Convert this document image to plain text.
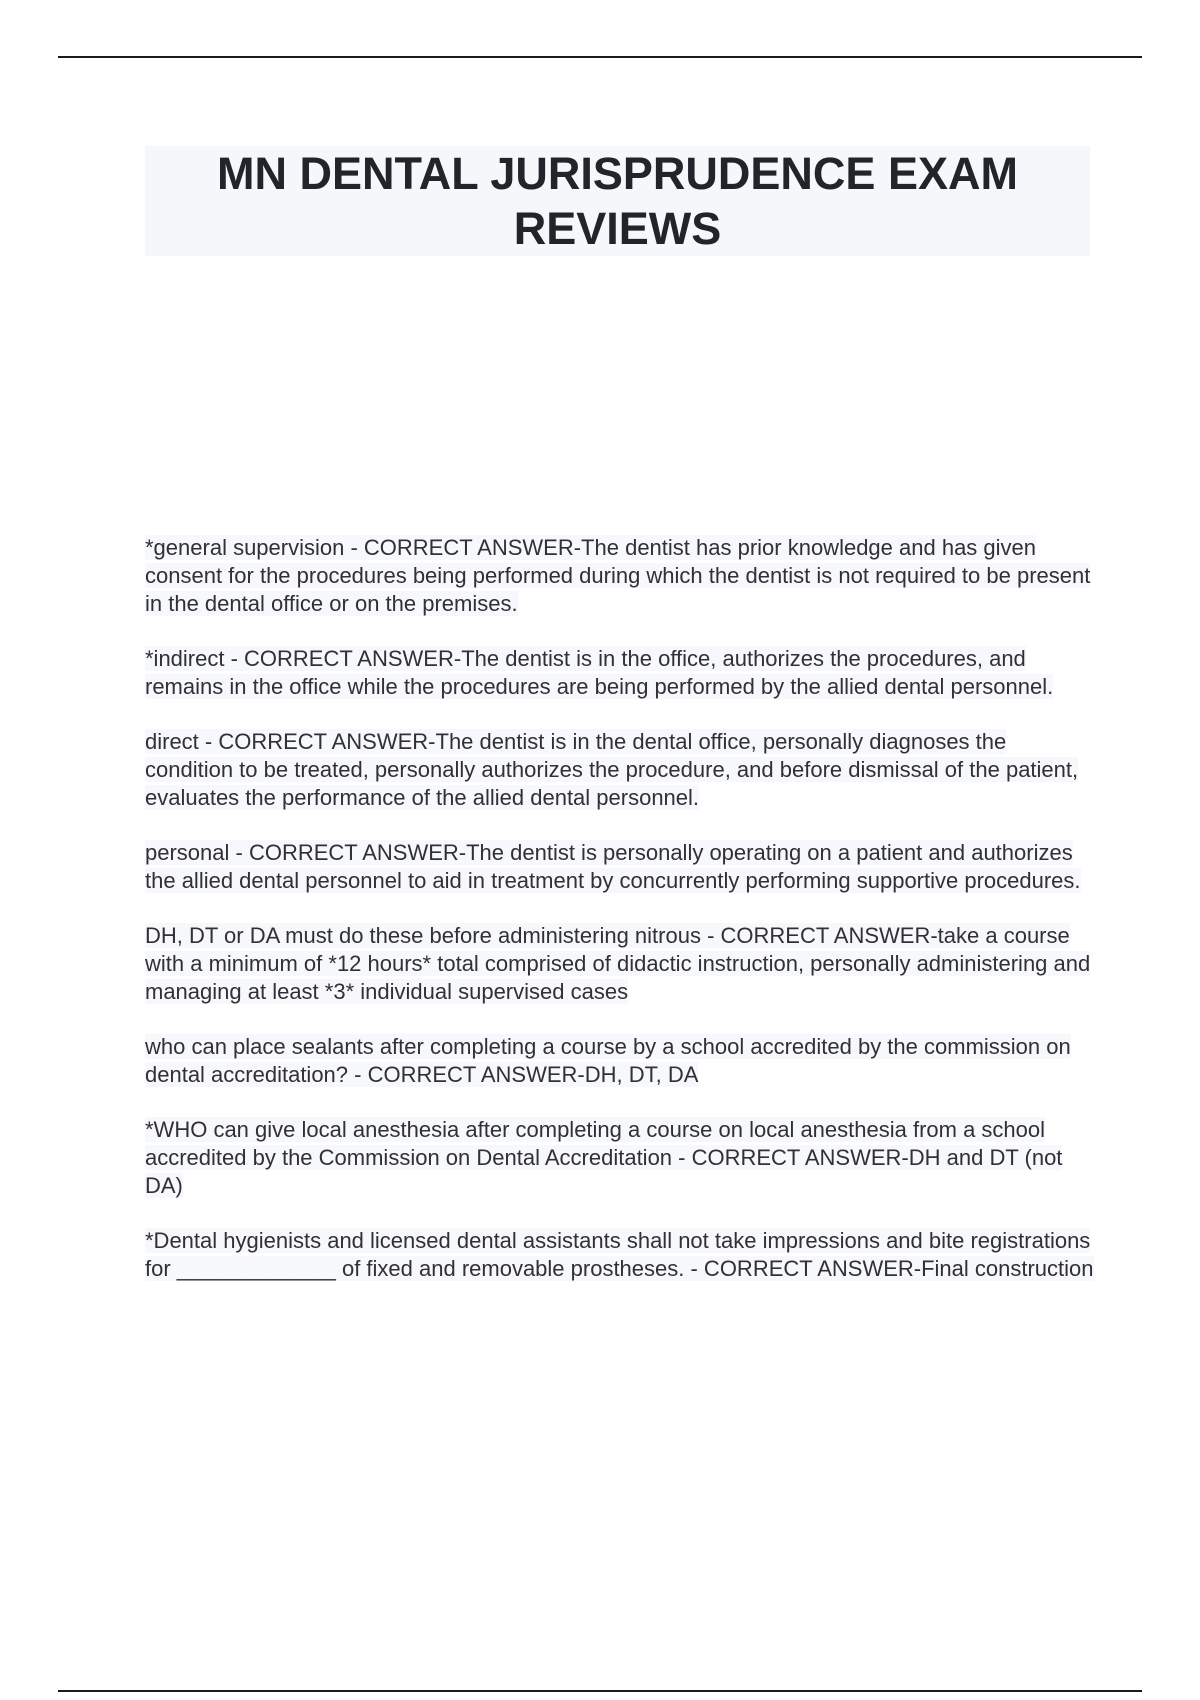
MN DENTAL JURISPRUDENCE EXAM REVIEWS

*general supervision - CORRECT ANSWER-The dentist has prior knowledge and has given consent for the procedures being performed during which the dentist is not required to be present in the dental office or on the premises.

*indirect - CORRECT ANSWER-The dentist is in the office, authorizes the procedures, and remains in the office while the procedures are being performed by the allied dental personnel.

direct - CORRECT ANSWER-The dentist is in the dental office, personally diagnoses the condition to be treated, personally authorizes the procedure, and before dismissal of the patient, evaluates the performance of the allied dental personnel.

personal - CORRECT ANSWER-The dentist is personally operating on a patient and authorizes the allied dental personnel to aid in treatment by concurrently performing supportive procedures.

DH, DT or DA must do these before administering nitrous - CORRECT ANSWER-take a course with a minimum of *12 hours* total comprised of didactic instruction, personally administering and managing at least *3* individual supervised cases

who can place sealants after completing a course by a school accredited by the commission on dental accreditation? - CORRECT ANSWER-DH, DT, DA

*WHO can give local anesthesia after completing a course on local anesthesia from a school accredited by the Commission on Dental Accreditation - CORRECT ANSWER-DH and DT (not DA)

*Dental hygienists and licensed dental assistants shall not take impressions and bite registrations for _____________ of fixed and removable prostheses. - CORRECT ANSWER-Final construction
